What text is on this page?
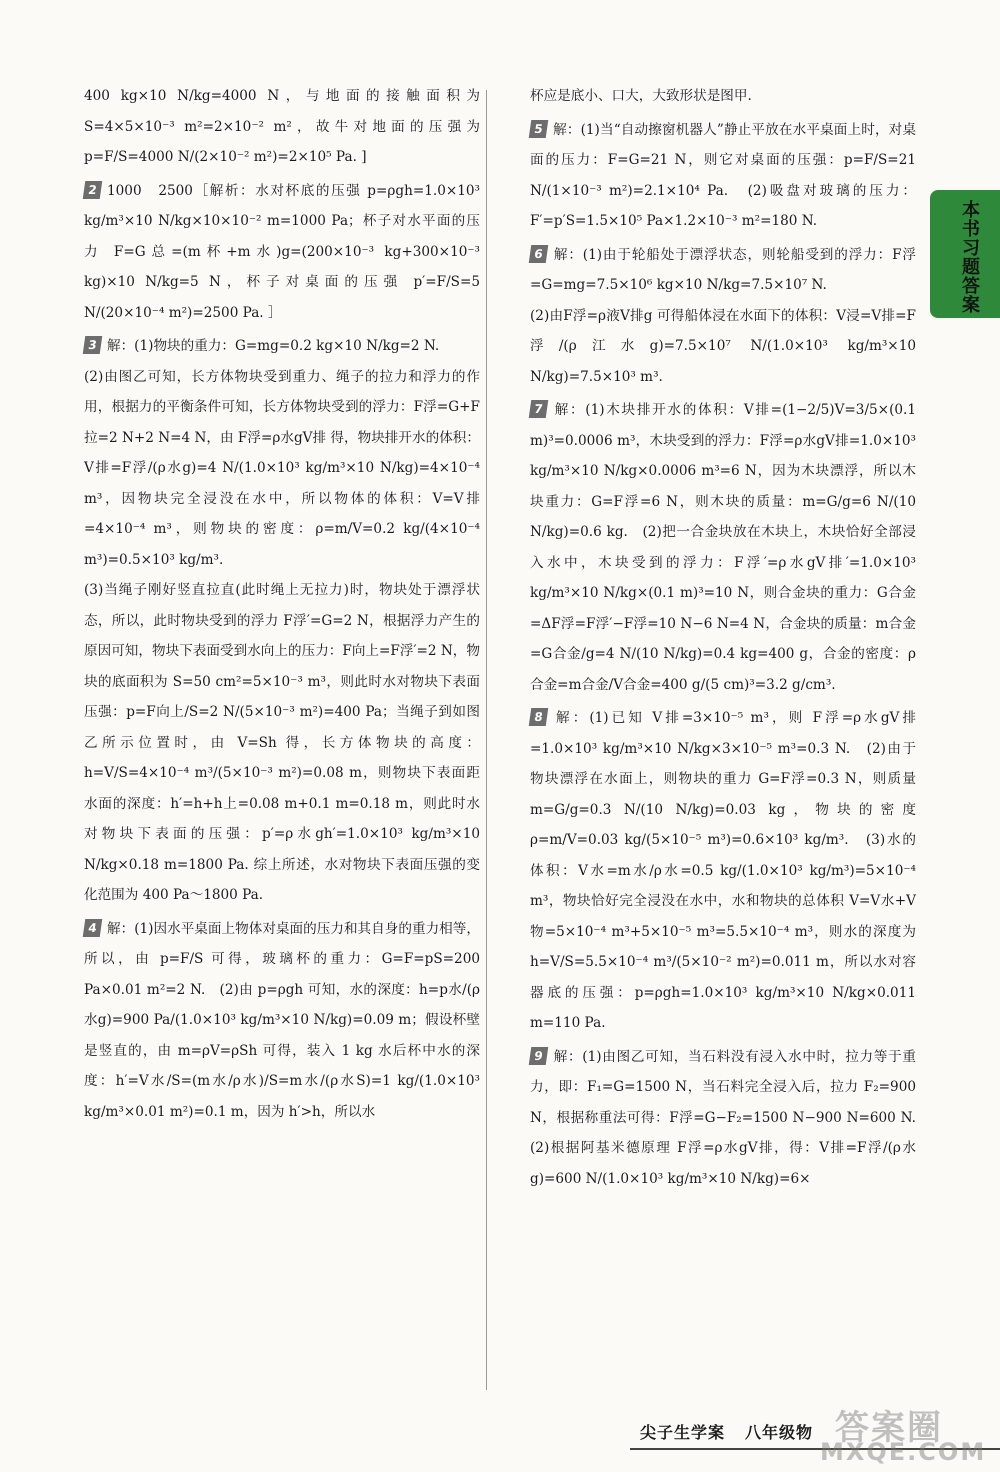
400 kg×10 N/kg=4000 N，与地面的接触面积为 S=4×5×10⁻³ m²=2×10⁻² m²，故牛对地面的压强为 p=F/S=4000 N/(2×10⁻² m²)=2×10⁵ Pa. ]

2 1000　2500［解析：水对杯底的压强 p=ρgh=1.0×10³ kg/m³×10 N/kg×10×10⁻² m=1000 Pa；杯子对水平面的压力 F=G总=(m杯+m水)g=(200×10⁻³ kg+300×10⁻³ kg)×10 N/kg=5 N，杯子对桌面的压强 p′=F/S=5 N/(20×10⁻⁴ m²)=2500 Pa. ］

3 解：(1)物块的重力：G=mg=0.2 kg×10 N/kg=2 N.

(2)由图乙可知，长方体物块受到重力、绳子的拉力和浮力的作用，根据力的平衡条件可知，长方体物块受到的浮力：F浮=G+F拉=2 N+2 N=4 N，由 F浮=ρ水gV排 得，物块排开水的体积：V排=F浮/(ρ水g)=4 N/(1.0×10³ kg/m³×10 N/kg)=4×10⁻⁴ m³，因物块完全浸没在水中，所以物体的体积：V=V排=4×10⁻⁴ m³，则物块的密度：ρ=m/V=0.2 kg/(4×10⁻⁴ m³)=0.5×10³ kg/m³.

(3)当绳子刚好竖直拉直(此时绳上无拉力)时，物块处于漂浮状态，所以，此时物块受到的浮力 F浮′=G=2 N，根据浮力产生的原因可知，物块下表面受到水向上的压力：F向上=F浮′=2 N，物块的底面积为 S=50 cm²=5×10⁻³ m³，则此时水对物块下表面压强：p=F向上/S=2 N/(5×10⁻³ m²)=400 Pa；当绳子到如图乙所示位置时，由 V=Sh 得，长方体物块的高度：h=V/S=4×10⁻⁴ m³/(5×10⁻³ m²)=0.08 m，则物块下表面距水面的深度：h′=h+h上=0.08 m+0.1 m=0.18 m，则此时水对物块下表面的压强：p′=ρ水gh′=1.0×10³ kg/m³×10 N/kg×0.18 m=1800 Pa. 综上所述，水对物块下表面压强的变化范围为 400 Pa～1800 Pa.

4 解：(1)因水平桌面上物体对桌面的压力和其自身的重力相等，所以，由 p=F/S 可得，玻璃杯的重力：G=F=pS=200 Pa×0.01 m²=2 N.　(2)由 p=ρgh 可知，水的深度：h=p水/(ρ水g)=900 Pa/(1.0×10³ kg/m³×10 N/kg)=0.09 m；假设杯壁是竖直的，由 m=ρV=ρSh 可得，装入 1 kg 水后杯中水的深度：h′=V水/S=(m水/ρ水)/S=m水/(ρ水S)=1 kg/(1.0×10³ kg/m³×0.01 m²)=0.1 m，因为 h′>h，所以水

杯应是底小、口大，大致形状是图甲.

5 解：(1)当“自动擦窗机器人”静止平放在水平桌面上时，对桌面的压力：F=G=21 N，则它对桌面的压强：p=F/S=21 N/(1×10⁻³ m²)=2.1×10⁴ Pa.　(2)吸盘对玻璃的压力：F′=p′S=1.5×10⁵ Pa×1.2×10⁻³ m²=180 N.

6 解：(1)由于轮船处于漂浮状态，则轮船受到的浮力：F浮=G=mg=7.5×10⁶ kg×10 N/kg=7.5×10⁷ N.

(2)由F浮=ρ液V排g 可得船体浸在水面下的体积：V浸=V排=F浮/(ρ江水g)=7.5×10⁷ N/(1.0×10³ kg/m³×10 N/kg)=7.5×10³ m³.

7 解：(1)木块排开水的体积：V排=(1−2/5)V=3/5×(0.1 m)³=0.0006 m³，木块受到的浮力：F浮=ρ水gV排=1.0×10³ kg/m³×10 N/kg×0.0006 m³=6 N，因为木块漂浮，所以木块重力：G=F浮=6 N，则木块的质量：m=G/g=6 N/(10 N/kg)=0.6 kg.　(2)把一合金块放在木块上，木块恰好全部浸入水中，木块受到的浮力：F浮′=ρ水gV排′=1.0×10³ kg/m³×10 N/kg×(0.1 m)³=10 N，则合金块的重力：G合金=ΔF浮=F浮′−F浮=10 N−6 N=4 N，合金块的质量：m合金=G合金/g=4 N/(10 N/kg)=0.4 kg=400 g，合金的密度：ρ合金=m合金/V合金=400 g/(5 cm)³=3.2 g/cm³.

8 解：(1)已知 V排=3×10⁻⁵ m³，则 F浮=ρ水gV排=1.0×10³ kg/m³×10 N/kg×3×10⁻⁵ m³=0.3 N.　(2)由于物块漂浮在水面上，则物块的重力 G=F浮=0.3 N，则质量 m=G/g=0.3 N/(10 N/kg)=0.03 kg，物块的密度 ρ=m/V=0.03 kg/(5×10⁻⁵ m³)=0.6×10³ kg/m³.　(3)水的体积：V水=m水/ρ水=0.5 kg/(1.0×10³ kg/m³)=5×10⁻⁴ m³，物块恰好完全浸没在水中，水和物块的总体积 V=V水+V物=5×10⁻⁴ m³+5×10⁻⁵ m³=5.5×10⁻⁴ m³，则水的深度为 h=V/S=5.5×10⁻⁴ m³/(5×10⁻² m²)=0.011 m，所以水对容器底的压强：p=ρgh=1.0×10³ kg/m³×10 N/kg×0.011 m=110 Pa.

9 解：(1)由图乙可知，当石料没有浸入水中时，拉力等于重力，即：F₁=G=1500 N，当石料完全浸入后，拉力 F₂=900 N，根据称重法可得：F浮=G−F₂=1500 N−900 N=600 N.　(2)根据阿基米德原理 F浮=ρ水gV排，得：V排=F浮/(ρ水g)=600 N/(1.0×10³ kg/m³×10 N/kg)=6×

本书习题答案
尖子生学案 八年级物 答案圈
MXQE.COM
